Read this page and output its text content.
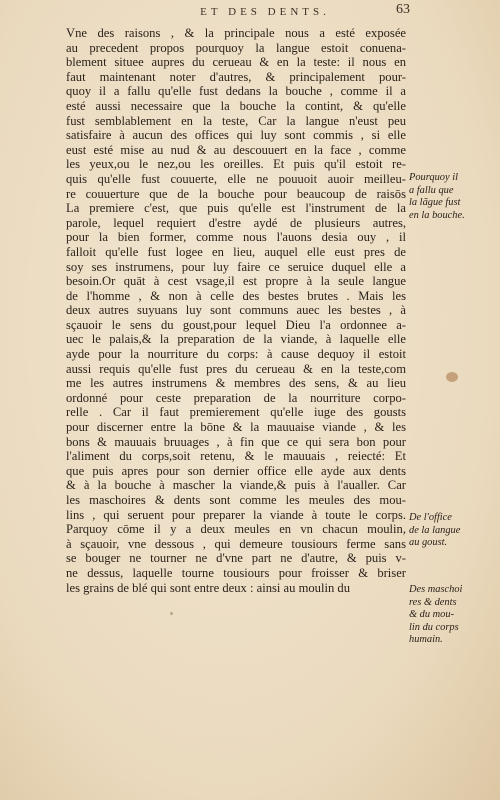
ET DES DENTS.	63
Vne des raisons , & la principale nous a esté exposée
au precedent propos pourquoy la langue estoit conuena-
blement situee aupres du cerueau & en la teste: il nous en
faut maintenant noter d'autres, & principalement pour-
quoy il a fallu qu'elle fust dedans la bouche , comme il a
esté aussi necessaire que la bouche la contint, & qu'elle
fust semblablement en la teste, Car la langue n'eust peu
satisfaire à aucun des offices qui luy sont commis , si elle
eust esté mise au nud & au descouuert en la face , comme
les yeux,ou le nez,ou les oreilles. Et puis qu'il estoit re-
quis qu'elle fust couuerte, elle ne pouuoit auoir meilleu-
re couuerture que de la bouche pour beaucoup de raisōs
La premiere c'est, que puis qu'elle est l'instrument de la
parole, lequel requiert d'estre aydé de plusieurs autres,
pour la bien former, comme nous l'auons desia ouy , il
falloit qu'elle fust logee en lieu, auquel elle eust pres de
soy ses instrumens, pour luy faire ce seruice duquel elle a
besoin.Or quāt à cest vsage,il est propre à la seule langue
de l'homme , & non à celle des bestes brutes . Mais les
deux autres suyuans luy sont communs auec les bestes , à
sçauoir le sens du goust,pour lequel Dieu l'a ordonnee a-
uec le palais,& la preparation de la viande, à laquelle elle
ayde pour la nourriture du corps: à cause dequoy il estoit
aussi requis qu'elle fust pres du cerueau & en la teste,com
me les autres instrumens & membres des sens, & au lieu
ordonné pour ceste preparation de la nourriture corpo-
relle . Car il faut premierement qu'elle iuge des gousts
pour discerner entre la bōne & la mauuaise viande , & les
bons & mauuais bruuages , à fin que ce qui sera bon pour
l'aliment du corps,soit retenu, & le mauuais , reiecté: Et
que puis apres pour son dernier office elle ayde aux dents
& à la bouche à mascher la viande,& puis à l'aualler. Car
les maschoires & dents sont comme les meules des mou-
lins , qui seruent pour preparer la viande à toute le corps.
Parquoy cōme il y a deux meules en vn chacun moulin,
à sçauoir, vne dessous , qui demeure tousiours ferme sans
se bouger ne tourner ne d'vne part ne d'autre, & puis v-
ne dessus, laquelle tourne tousiours pour froisser & briser
les grains de blé qui sont entre deux : ainsi au moulin du
Pourquoy il
a fallu que
la lãgue fust
en la bouche.
De l'office
de la langue
au goust.
Des maschoi
res & dents
& du mou-
lin du corps
humain.
